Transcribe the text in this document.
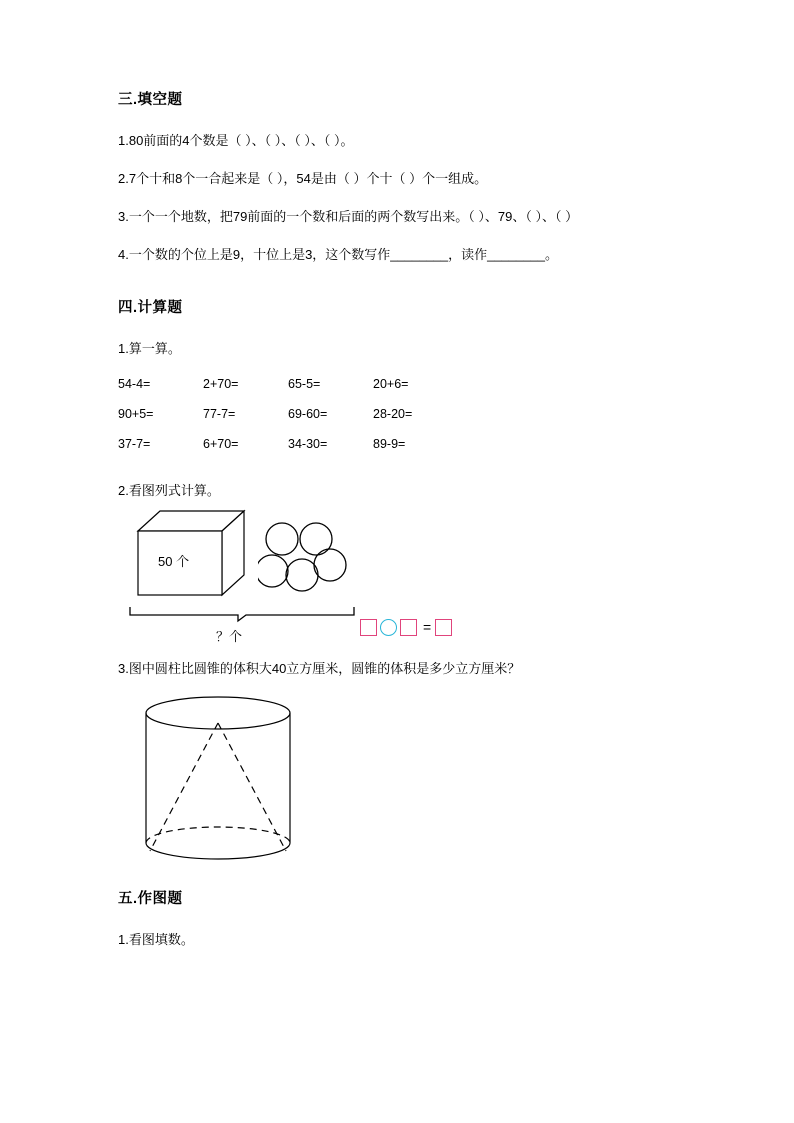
三.填空题

1.80前面的4个数是（ ）、（ ）、（ ）、（ ）。

2.7个十和8个一合起来是（ ），54是由（ ）个十（ ）个一组成。

3.一个一个地数，把79前面的一个数和后面的两个数写出来。（ ）、79、（ ）、（ ）

4.一个数的个位上是9，十位上是3，这个数写作________，读作________。

四.计算题

1.算一算。

54-4=	2+70=	65-5=	20+6=
90+5=	77-7=	69-60=	28-20=
37-7=	6+70=	34-30=	89-9=

2.看图列式计算。

50 个
？个
=

3.图中圆柱比圆锥的体积大40立方厘米，圆锥的体积是多少立方厘米？

五.作图题

1.看图填数。
